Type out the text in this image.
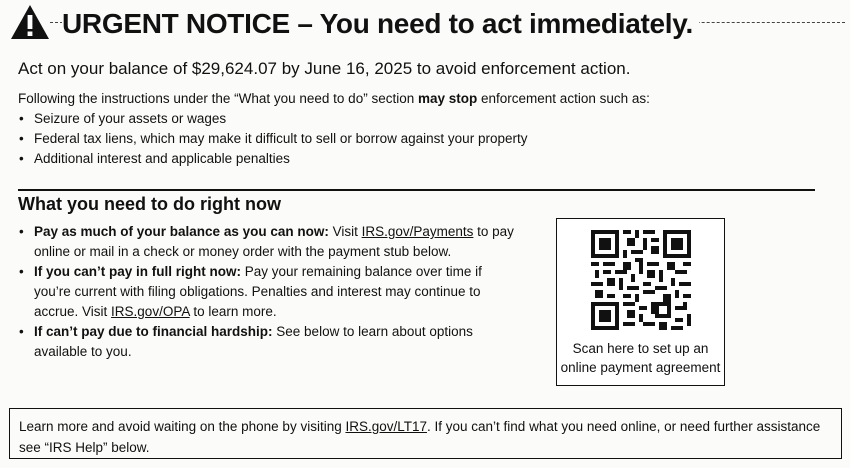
URGENT NOTICE – You need to act immediately.
Act on your balance of $29,624.07 by June 16, 2025 to avoid enforcement action.
Following the instructions under the “What you need to do” section may stop enforcement action such as:
• Seizure of your assets or wages
• Federal tax liens, which may make it difficult to sell or borrow against your property
• Additional interest and applicable penalties
What you need to do right now
• Pay as much of your balance as you can now: Visit IRS.gov/Payments to pay online or mail in a check or money order with the payment stub below.
• If you can’t pay in full right now: Pay your remaining balance over time if you’re current with filing obligations. Penalties and interest may continue to accrue. Visit IRS.gov/OPA to learn more.
• If can’t pay due to financial hardship: See below to learn about options available to you.	Scan here to set up an
online payment agreement
Learn more and avoid waiting on the phone by visiting IRS.gov/LT17. If you can’t find what you need online, or need further assistance see “IRS Help” below.
